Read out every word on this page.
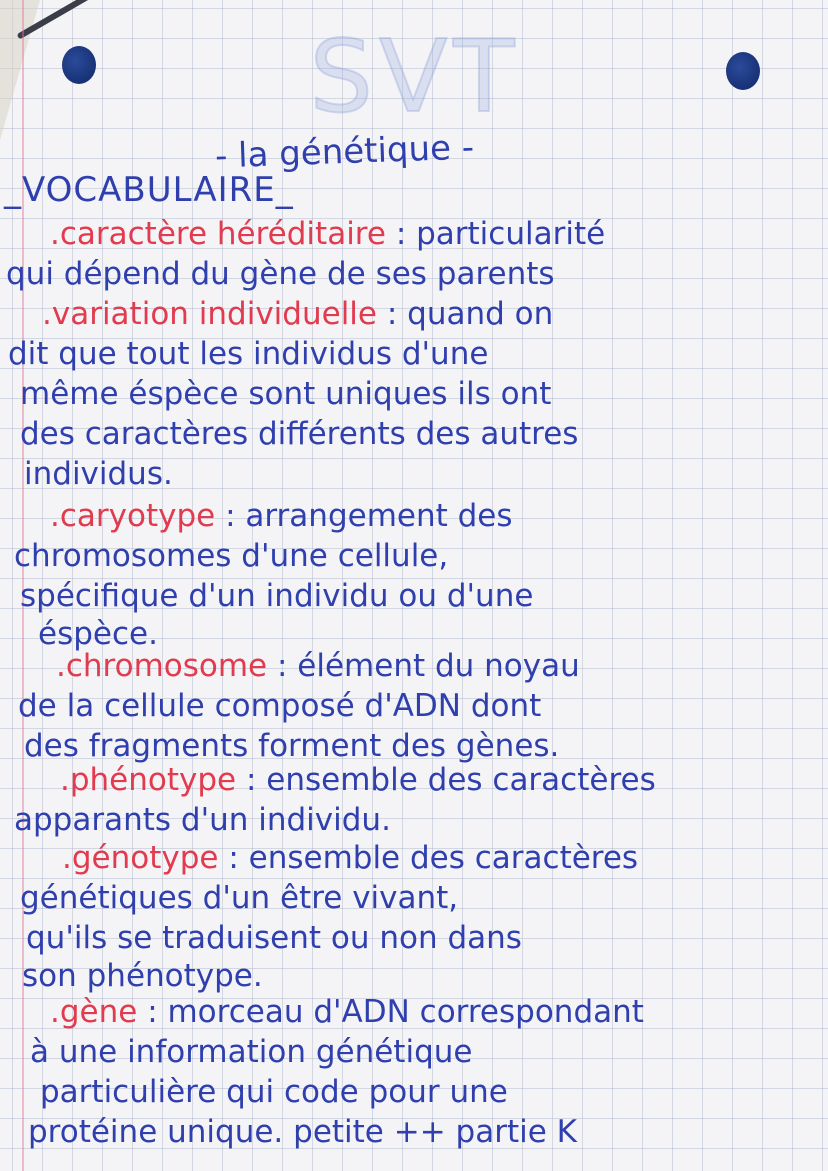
SVT
- la génétique -
_VOCABULAIRE_
.caractère héréditaire : particularité
qui dépend du gène de ses parents
.variation individuelle : quand on
dit que tout les individus d'une
même éspèce sont uniques ils ont
des caractères différents des autres
individus.
.caryotype : arrangement des
chromosomes d'une cellule,
spécifique d'un individu ou d'une
éspèce.
.chromosome : élément du noyau
de la cellule composé d'ADN dont
des fragments forment des gènes.
.phénotype : ensemble des caractères
apparants d'un individu.
.génotype : ensemble des caractères
génétiques d'un être vivant,
qu'ils se traduisent ou non dans
son phénotype.
.gène : morceau d'ADN correspondant
à une information génétique
particulière qui code pour une
protéine unique. petite ++ partie K
